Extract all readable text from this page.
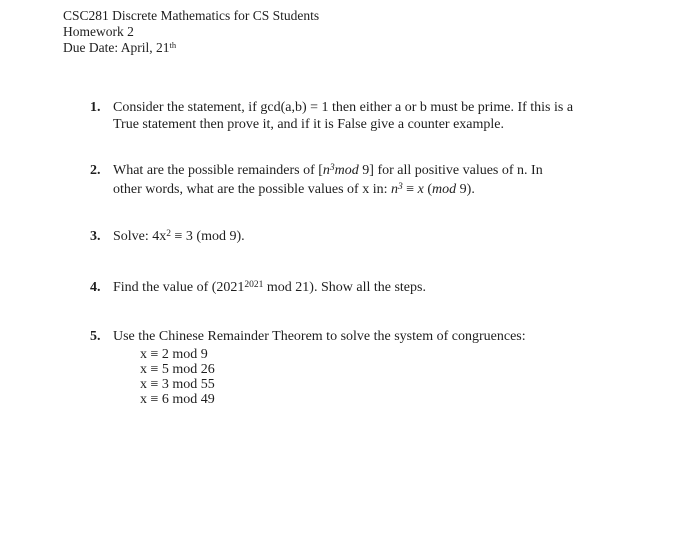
CSC281 Discrete Mathematics for CS Students
Homework 2
Due Date: April, 21th
1. Consider the statement, if gcd(a,b) = 1 then either a or b must be prime. If this is a
True statement then prove it, and if it is False give a counter example.
2. What are the possible remainders of [$n^3mod$ 9] for all positive values of n. In
other words, what are the possible values of x in: $n^3 \equiv x$ (mod 9).
3. Solve: $4x^2 \equiv 3$ (mod 9).
4. Find the value of ($2021^{2021}$ mod 21). Show all the steps.
5. Use the Chinese Remainder Theorem to solve the system of congruences:
x ≡ 2 mod 9
x ≡ 5 mod 26
x ≡ 3 mod 55
x ≡ 6 mod 49
